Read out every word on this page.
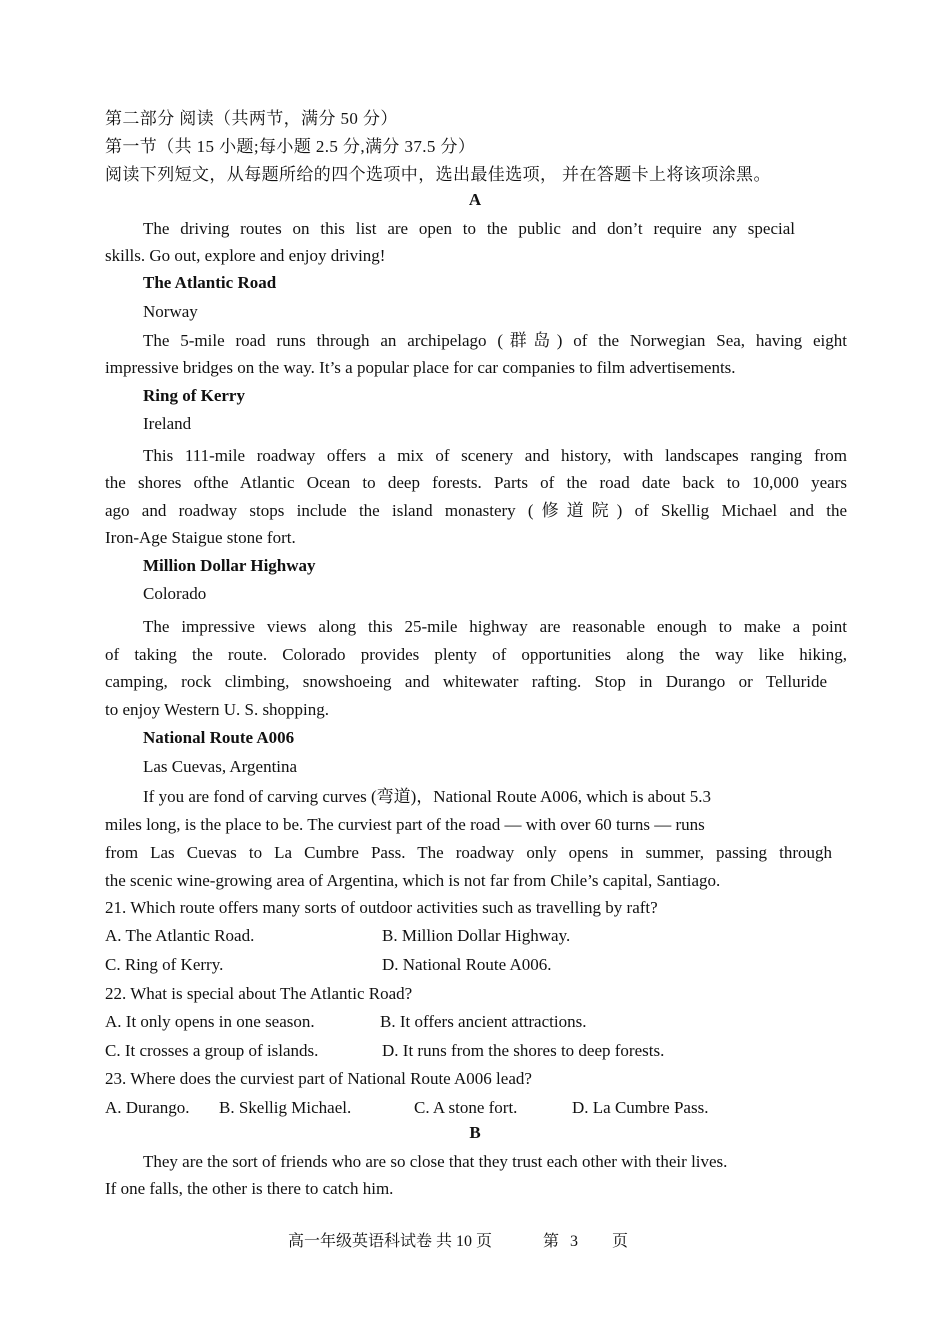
第二部分 阅读（共两节，满分 50 分）
第一节（共 15 小题;每小题 2.5 分,满分 37.5 分）
阅读下列短文，从每题所给的四个选项中，选出最佳选项， 并在答题卡上将该项涂黑。
A
The driving routes on this list are open to the public and don’t require any special
skills. Go out, explore and enjoy driving!
The Atlantic Road
Norway
The 5-mile road runs through an archipelago (群岛) of the Norwegian Sea, having eight
impressive bridges on the way. It’s a popular place for car companies to film advertisements.
Ring of Kerry
Ireland
This 111-mile roadway offers a mix of scenery and history, with landscapes ranging from
the shores ofthe Atlantic Ocean to deep forests. Parts of the road date back to 10,000 years
ago and roadway stops include the island monastery (修道院) of Skellig Michael and the
Iron-Age Staigue stone fort.
Million Dollar Highway
Colorado
The impressive views along this 25-mile highway are reasonable enough to make a point
of taking the route. Colorado provides plenty of opportunities along the way like hiking,
camping, rock climbing, snowshoeing and whitewater rafting. Stop in Durango or Telluride
to enjoy Western U. S. shopping.
National Route A006
Las Cuevas, Argentina
If you are fond of carving curves (弯道)，National Route A006, which is about 5.3
miles long, is the place to be. The curviest part of the road — with over 60 turns — runs
from Las Cuevas to La Cumbre Pass. The roadway only opens in summer, passing through
the scenic wine-growing area of Argentina, which is not far from Chile’s capital, Santiago.
21. Which route offers many sorts of outdoor activities such as travelling by raft?
A. The Atlantic Road.	B. Million Dollar Highway.
C. Ring of Kerry.	D. National Route A006.
22. What is special about The Atlantic Road?
A. It only opens in one season.	B. It offers ancient attractions.
C. It crosses a group of islands.	D. It runs from the shores to deep forests.
23. Where does the curviest part of National Route A006 lead?
A. Durango. B. Skellig Michael.	C. A stone fort.	D. La Cumbre Pass.
B
They are the sort of friends who are so close that they trust each other with their lives.
If one falls, the other is there to catch him.
高一年级英语科试卷 共 10 页	第 3 页
